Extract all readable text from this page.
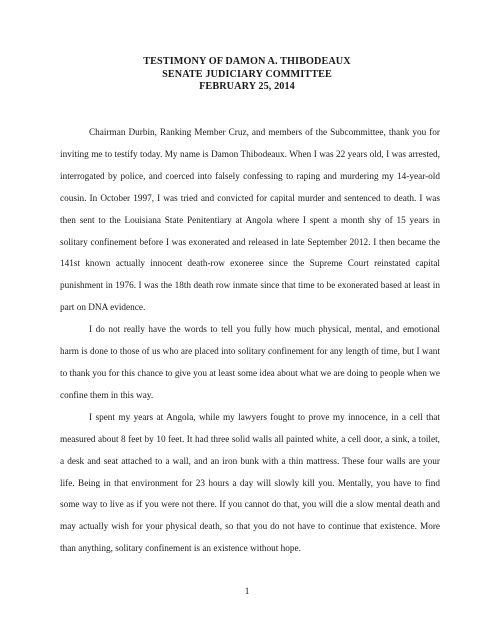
TESTIMONY OF DAMON A. THIBODEAUX
SENATE JUDICIARY COMMITTEE
FEBRUARY 25, 2014

Chairman Durbin, Ranking Member Cruz, and members of the Subcommittee, thank you for inviting me to testify today. My name is Damon Thibodeaux. When I was 22 years old, I was arrested, interrogated by police, and coerced into falsely confessing to raping and murdering my 14-year-old cousin. In October 1997, I was tried and convicted for capital murder and sentenced to death. I was then sent to the Louisiana State Penitentiary at Angola where I spent a month shy of 15 years in solitary confinement before I was exonerated and released in late September 2012. I then became the 141st known actually innocent death-row exoneree since the Supreme Court reinstated capital punishment in 1976. I was the 18th death row inmate since that time to be exonerated based at least in part on DNA evidence.

I do not really have the words to tell you fully how much physical, mental, and emotional harm is done to those of us who are placed into solitary confinement for any length of time, but I want to thank you for this chance to give you at least some idea about what we are doing to people when we confine them in this way.

I spent my years at Angola, while my lawyers fought to prove my innocence, in a cell that measured about 8 feet by 10 feet. It had three solid walls all painted white, a cell door, a sink, a toilet, a desk and seat attached to a wall, and an iron bunk with a thin mattress. These four walls are your life. Being in that environment for 23 hours a day will slowly kill you. Mentally, you have to find some way to live as if you were not there. If you cannot do that, you will die a slow mental death and may actually wish for your physical death, so that you do not have to continue that existence. More than anything, solitary confinement is an existence without hope.

1
